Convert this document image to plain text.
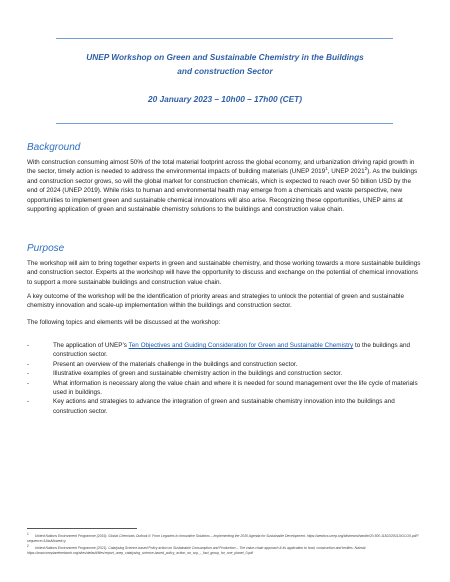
UNEP Workshop on Green and Sustainable Chemistry in the Buildings
and construction Sector
20 January 2023 – 10h00 – 17h00 (CET)
Background

With construction consuming almost 50% of the total material footprint across the global economy, and urbanization driving rapid growth in the sector, timely action is needed to address the environmental impacts of building materials (UNEP 2019$^1$, UNEP 2021$^2$). As the buildings and construction sector grows, so will the global market for construction chemicals, which is expected to reach over 50 billion USD by the end of 2024 (UNEP 2019). While risks to human and environmental health may emerge from a chemicals and waste perspective, new opportunities to implement green and sustainable chemical innovations will also arise. Recognizing these opportunities, UNEP aims at supporting application of green and sustainable chemistry solutions to the buildings and construction value chain.

Purpose

The workshop will aim to bring together experts in green and sustainable chemistry, and those working towards a more sustainable buildings and construction sector. Experts at the workshop will have the opportunity to discuss and exchange on the potential of chemical innovations to support a more sustainable buildings and construction value chain.

A key outcome of the workshop will be the identification of priority areas and strategies to unlock the potential of green and sustainable chemistry innovation and scale-up implementation within the buildings and construction sector.

The following topics and elements will be discussed at the workshop:

-	The application of UNEP’s Ten Objectives and Guiding Consideration for Green and Sustainable Chemistry to the buildings and construction sector.
-	Present an overview of the materials challenge in the buildings and construction sector.
-	Illustrative examples of green and sustainable chemistry action in the buildings and construction sector.
-	What information is necessary along the value chain and where it is needed for sound management over the life cycle of materials used in buildings.
-	Key actions and strategies to advance the integration of green and sustainable chemistry innovation into the buildings and construction sector.
1United Nations Environment Programme (2019). Global Chemicals Outlook II: From Legacies to Innovative Solutions – Implementing the 2030 Agenda for Sustainable Development. https://wedocs.unep.org/bitstream/handle/20.500.11822/28113/GCOII.pdf?sequence=1&isAllowed=y
2United Nations Environment Programme (2021). Catalysing Science-based Policy action on Sustainable Consumption and Production – The value-chain approach & its application to food, construction and textiles. Nairobi. https://www.oneplanetnetwork.org/sites/default/files/report_unep_catalysing_science-based_policy_action_on_scp_-_fact_group_for_one_planet_0.pdf
